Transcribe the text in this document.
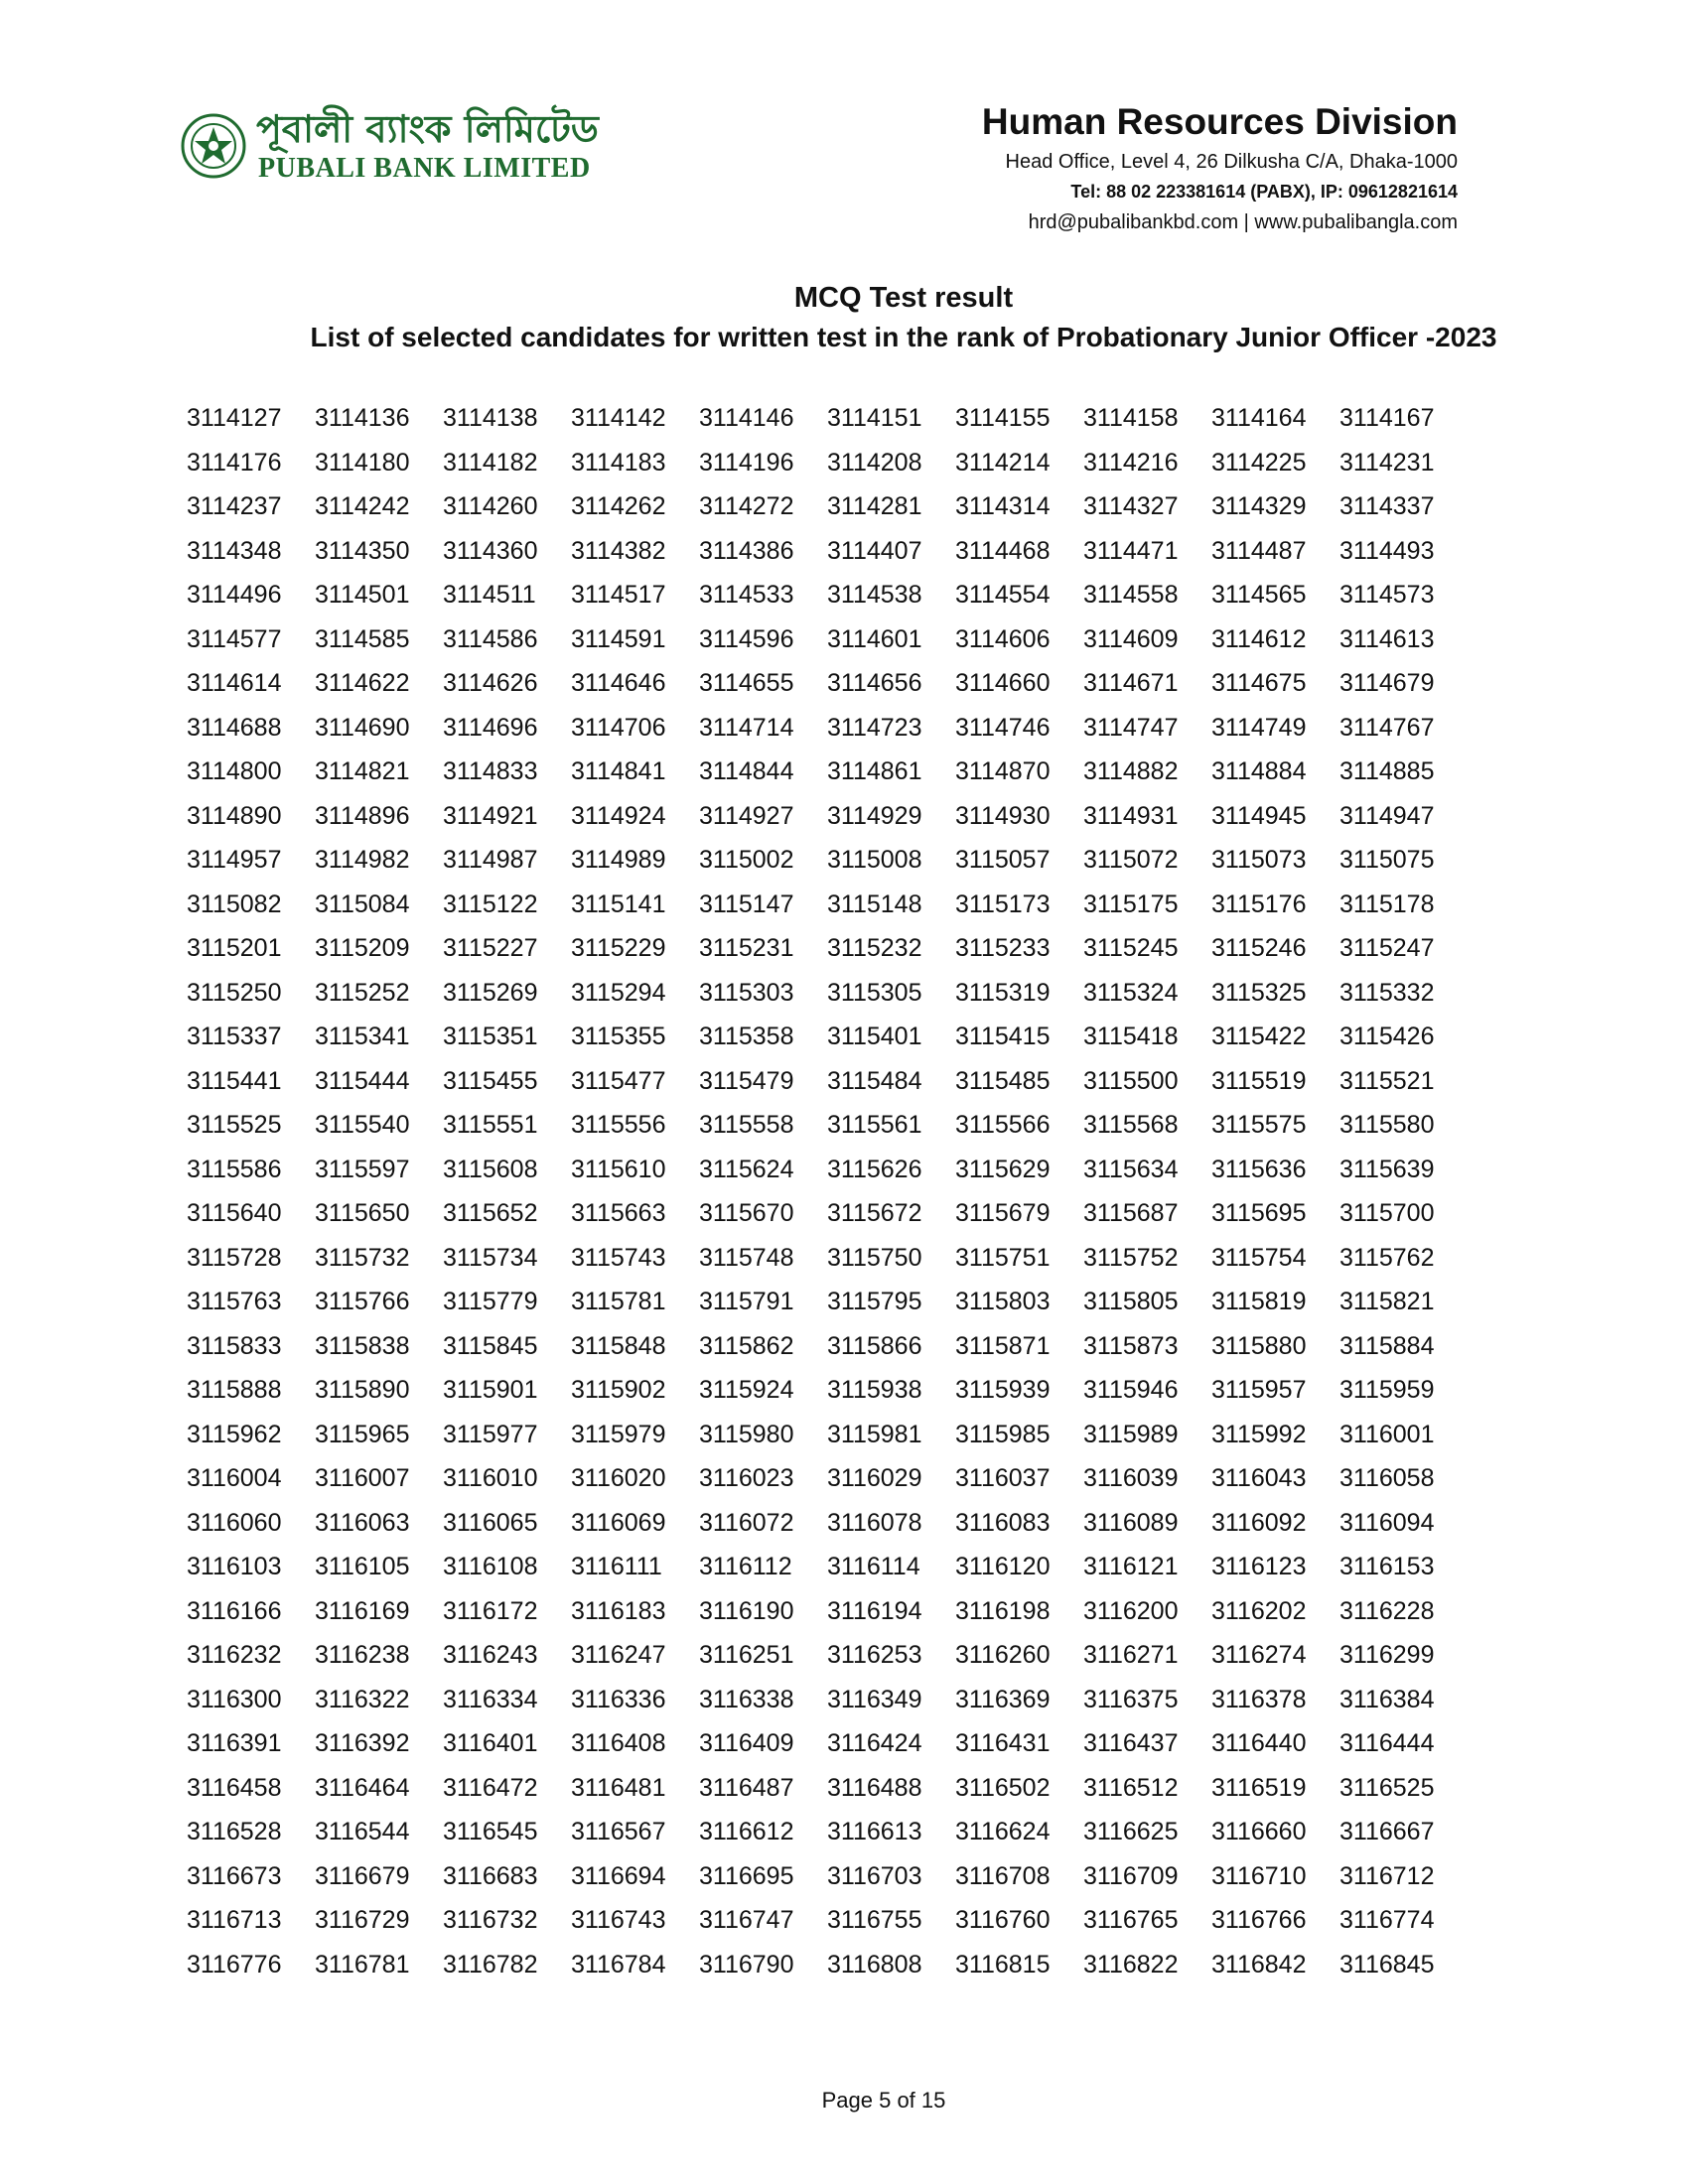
পূবালী ব্যাংক লিমিটেড
PUBALI BANK LIMITED
Human Resources Division
Head Office, Level 4, 26 Dilkusha C/A, Dhaka-1000
Tel: 88 02 223381614 (PABX), IP: 09612821614
hrd@pubalibankbd.com | www.pubalibangla.com
MCQ Test result
List of selected candidates for written test in the rank of Probationary Junior Officer -2023
3114127	3114136	3114138	3114142	3114146	3114151	3114155	3114158	3114164	3114167
3114176	3114180	3114182	3114183	3114196	3114208	3114214	3114216	3114225	3114231
3114237	3114242	3114260	3114262	3114272	3114281	3114314	3114327	3114329	3114337
3114348	3114350	3114360	3114382	3114386	3114407	3114468	3114471	3114487	3114493
3114496	3114501	3114511	3114517	3114533	3114538	3114554	3114558	3114565	3114573
3114577	3114585	3114586	3114591	3114596	3114601	3114606	3114609	3114612	3114613
3114614	3114622	3114626	3114646	3114655	3114656	3114660	3114671	3114675	3114679
3114688	3114690	3114696	3114706	3114714	3114723	3114746	3114747	3114749	3114767
3114800	3114821	3114833	3114841	3114844	3114861	3114870	3114882	3114884	3114885
3114890	3114896	3114921	3114924	3114927	3114929	3114930	3114931	3114945	3114947
3114957	3114982	3114987	3114989	3115002	3115008	3115057	3115072	3115073	3115075
3115082	3115084	3115122	3115141	3115147	3115148	3115173	3115175	3115176	3115178
3115201	3115209	3115227	3115229	3115231	3115232	3115233	3115245	3115246	3115247
3115250	3115252	3115269	3115294	3115303	3115305	3115319	3115324	3115325	3115332
3115337	3115341	3115351	3115355	3115358	3115401	3115415	3115418	3115422	3115426
3115441	3115444	3115455	3115477	3115479	3115484	3115485	3115500	3115519	3115521
3115525	3115540	3115551	3115556	3115558	3115561	3115566	3115568	3115575	3115580
3115586	3115597	3115608	3115610	3115624	3115626	3115629	3115634	3115636	3115639
3115640	3115650	3115652	3115663	3115670	3115672	3115679	3115687	3115695	3115700
3115728	3115732	3115734	3115743	3115748	3115750	3115751	3115752	3115754	3115762
3115763	3115766	3115779	3115781	3115791	3115795	3115803	3115805	3115819	3115821
3115833	3115838	3115845	3115848	3115862	3115866	3115871	3115873	3115880	3115884
3115888	3115890	3115901	3115902	3115924	3115938	3115939	3115946	3115957	3115959
3115962	3115965	3115977	3115979	3115980	3115981	3115985	3115989	3115992	3116001
3116004	3116007	3116010	3116020	3116023	3116029	3116037	3116039	3116043	3116058
3116060	3116063	3116065	3116069	3116072	3116078	3116083	3116089	3116092	3116094
3116103	3116105	3116108	3116111	3116112	3116114	3116120	3116121	3116123	3116153
3116166	3116169	3116172	3116183	3116190	3116194	3116198	3116200	3116202	3116228
3116232	3116238	3116243	3116247	3116251	3116253	3116260	3116271	3116274	3116299
3116300	3116322	3116334	3116336	3116338	3116349	3116369	3116375	3116378	3116384
3116391	3116392	3116401	3116408	3116409	3116424	3116431	3116437	3116440	3116444
3116458	3116464	3116472	3116481	3116487	3116488	3116502	3116512	3116519	3116525
3116528	3116544	3116545	3116567	3116612	3116613	3116624	3116625	3116660	3116667
3116673	3116679	3116683	3116694	3116695	3116703	3116708	3116709	3116710	3116712
3116713	3116729	3116732	3116743	3116747	3116755	3116760	3116765	3116766	3116774
3116776	3116781	3116782	3116784	3116790	3116808	3116815	3116822	3116842	3116845
Page 5 of 15
